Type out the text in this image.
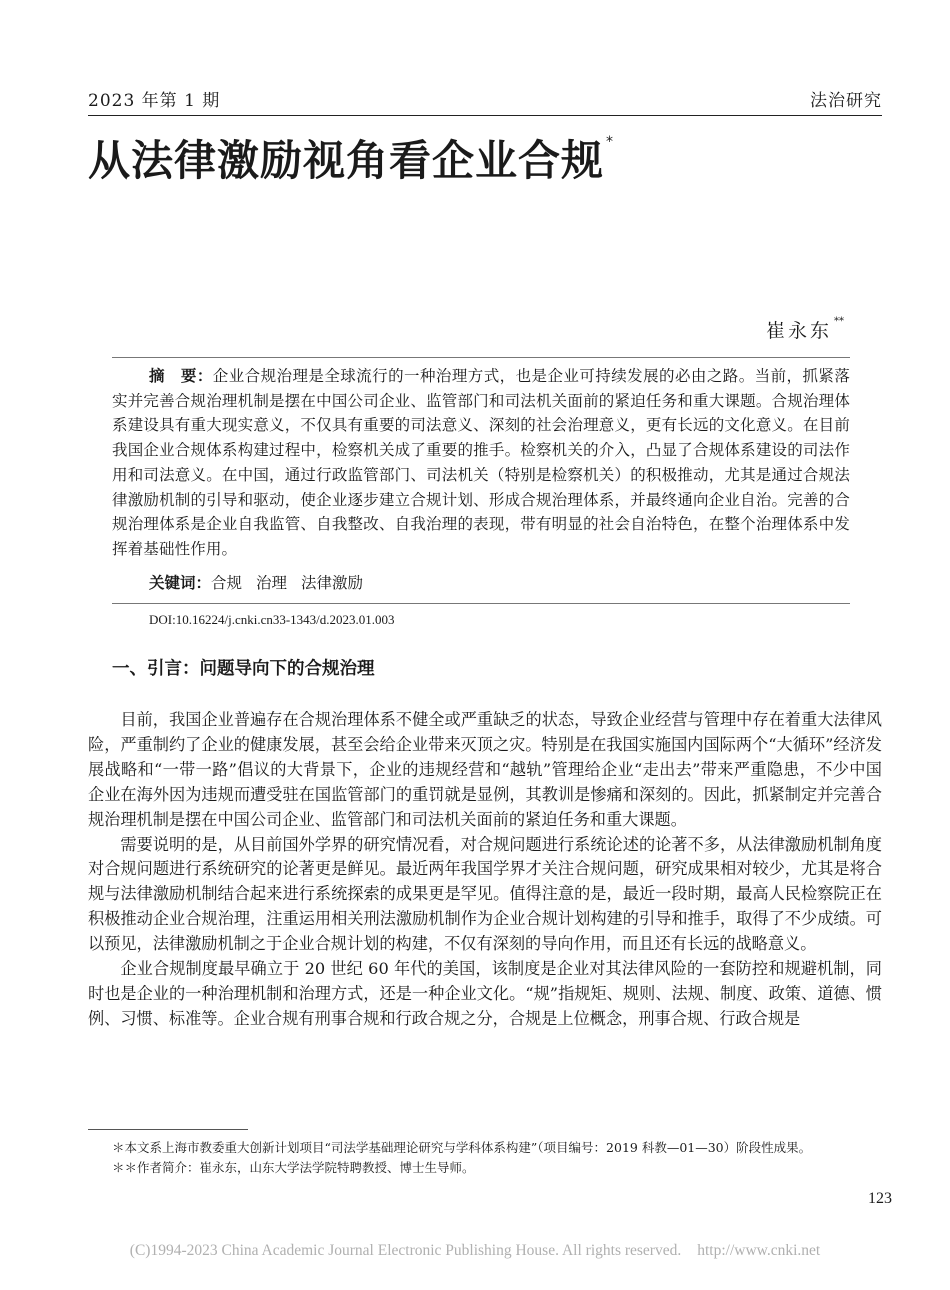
2023 年第 1 期	法治研究
从法律激励视角看企业合规 *
崔永东 **
摘　要：企业合规治理是全球流行的一种治理方式，也是企业可持续发展的必由之路。当前，抓紧落实并完善合规治理机制是摆在中国公司企业、监管部门和司法机关面前的紧迫任务和重大课题。合规治理体系建设具有重大现实意义，不仅具有重要的司法意义、深刻的社会治理意义，更有长远的文化意义。在目前我国企业合规体系构建过程中，检察机关成了重要的推手。检察机关的介入，凸显了合规体系建设的司法作用和司法意义。在中国，通过行政监管部门、司法机关（特别是检察机关）的积极推动，尤其是通过合规法律激励机制的引导和驱动，使企业逐步建立合规计划、形成合规治理体系，并最终通向企业自治。完善的合规治理体系是企业自我监管、自我整改、自我治理的表现，带有明显的社会自治特色，在整个治理体系中发挥着基础性作用。
关键词：合规 治理 法律激励
DOI:10.16224/j.cnki.cn33-1343/d.2023.01.003
一、引言：问题导向下的合规治理

目前，我国企业普遍存在合规治理体系不健全或严重缺乏的状态，导致企业经营与管理中存在着重大法律风险，严重制约了企业的健康发展，甚至会给企业带来灭顶之灾。特别是在我国实施国内国际两个“大循环”经济发展战略和“一带一路”倡议的大背景下，企业的违规经营和“越轨”管理给企业“走出去”带来严重隐患，不少中国企业在海外因为违规而遭受驻在国监管部门的重罚就是显例，其教训是惨痛和深刻的。因此，抓紧制定并完善合规治理机制是摆在中国公司企业、监管部门和司法机关面前的紧迫任务和重大课题。

需要说明的是，从目前国外学界的研究情况看，对合规问题进行系统论述的论著不多，从法律激励机制角度对合规问题进行系统研究的论著更是鲜见。最近两年我国学界才关注合规问题，研究成果相对较少，尤其是将合规与法律激励机制结合起来进行系统探索的成果更是罕见。值得注意的是，最近一段时期，最高人民检察院正在积极推动企业合规治理，注重运用相关刑法激励机制作为企业合规计划构建的引导和推手，取得了不少成绩。可以预见，法律激励机制之于企业合规计划的构建，不仅有深刻的导向作用，而且还有长远的战略意义。

企业合规制度最早确立于 20 世纪 60 年代的美国，该制度是企业对其法律风险的一套防控和规避机制，同时也是企业的一种治理机制和治理方式，还是一种企业文化。“规”指规矩、规则、法规、制度、政策、道德、惯例、习惯、标准等。企业合规有刑事合规和行政合规之分，合规是上位概念，刑事合规、行政合规是

＊本文系上海市教委重大创新计划项目“司法学基础理论研究与学科体系构建”（项目编号：2019 科教—01—30）阶段性成果。
＊＊作者简介：崔永东，山东大学法学院特聘教授、博士生导师。
123
(C)1994-2023 China Academic Journal Electronic Publishing House. All rights reserved. http://www.cnki.net
